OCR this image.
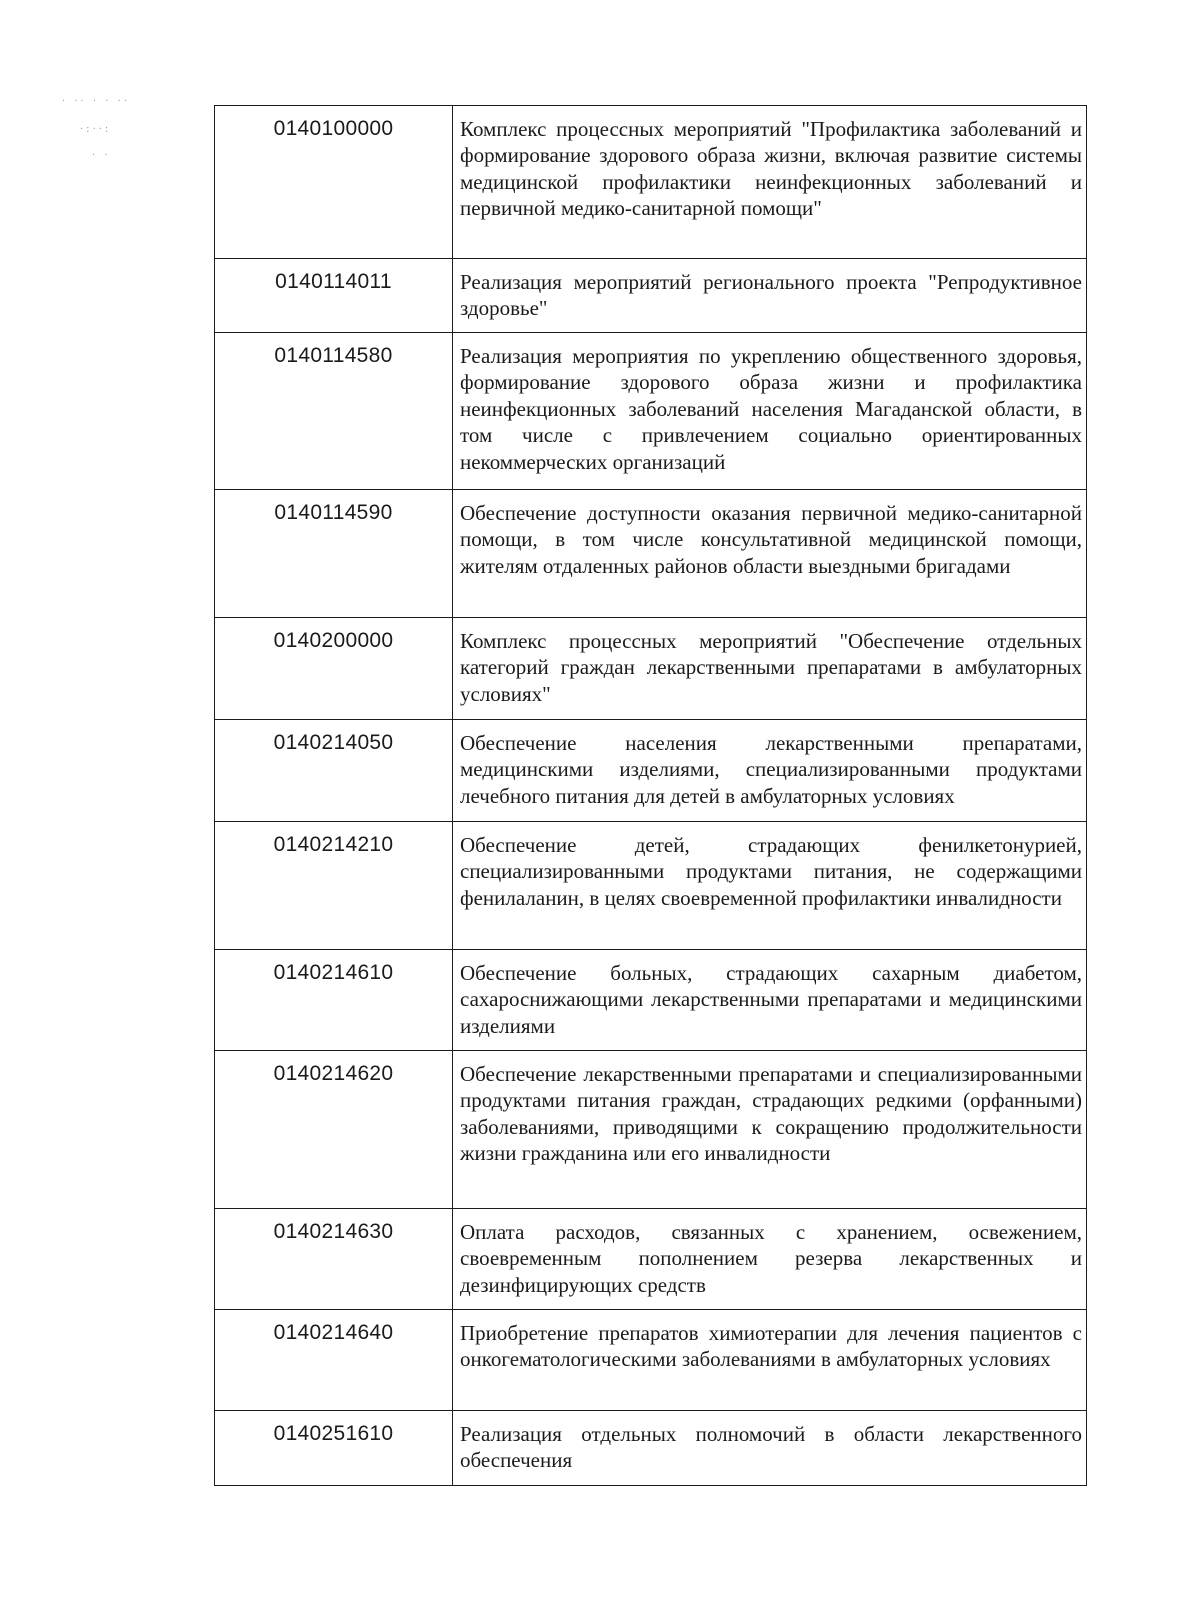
· ·· · · ··
·:··:
· ·
0140100000	Комплекс процессных мероприятий "Профилактика заболеваний и формирование здорового образа жизни, включая развитие системы медицинской профилактики неинфекционных заболеваний и первичной медико-санитарной помощи"
0140114011	Реализация мероприятий регионального проекта "Репродуктивное здоровье"
0140114580	Реализация мероприятия по укреплению общественного здоровья, формирование здорового образа жизни и профилактика неинфекционных заболеваний населения Магаданской области, в том числе с привлечением социально ориентированных некоммерческих организаций
0140114590	Обеспечение доступности оказания первичной медико-санитарной помощи, в том числе консультативной медицинской помощи, жителям отдаленных районов области выездными бригадами
0140200000	Комплекс процессных мероприятий "Обеспечение отдельных категорий граждан лекарственными препаратами в амбулаторных условиях"
0140214050	Обеспечение населения лекарственными препаратами, медицинскими изделиями, специализированными продуктами лечебного питания для детей в амбулаторных условиях
0140214210	Обеспечение детей, страдающих фенилкетонурией, специализированными продуктами питания, не содержащими фенилаланин, в целях своевременной профилактики инвалидности
0140214610	Обеспечение больных, страдающих сахарным диабетом, сахароснижающими лекарственными препаратами и медицинскими изделиями
0140214620	Обеспечение лекарственными препаратами и специализированными продуктами питания граждан, страдающих редкими (орфанными) заболеваниями, приводящими к сокращению продолжительности жизни гражданина или его инвалидности
0140214630	Оплата расходов, связанных с хранением, освежением, своевременным пополнением резерва лекарственных и дезинфицирующих средств
0140214640	Приобретение препаратов химиотерапии для лечения пациентов с онкогематологическими заболеваниями в амбулаторных условиях
0140251610	Реализация отдельных полномочий в области лекарственного обеспечения
